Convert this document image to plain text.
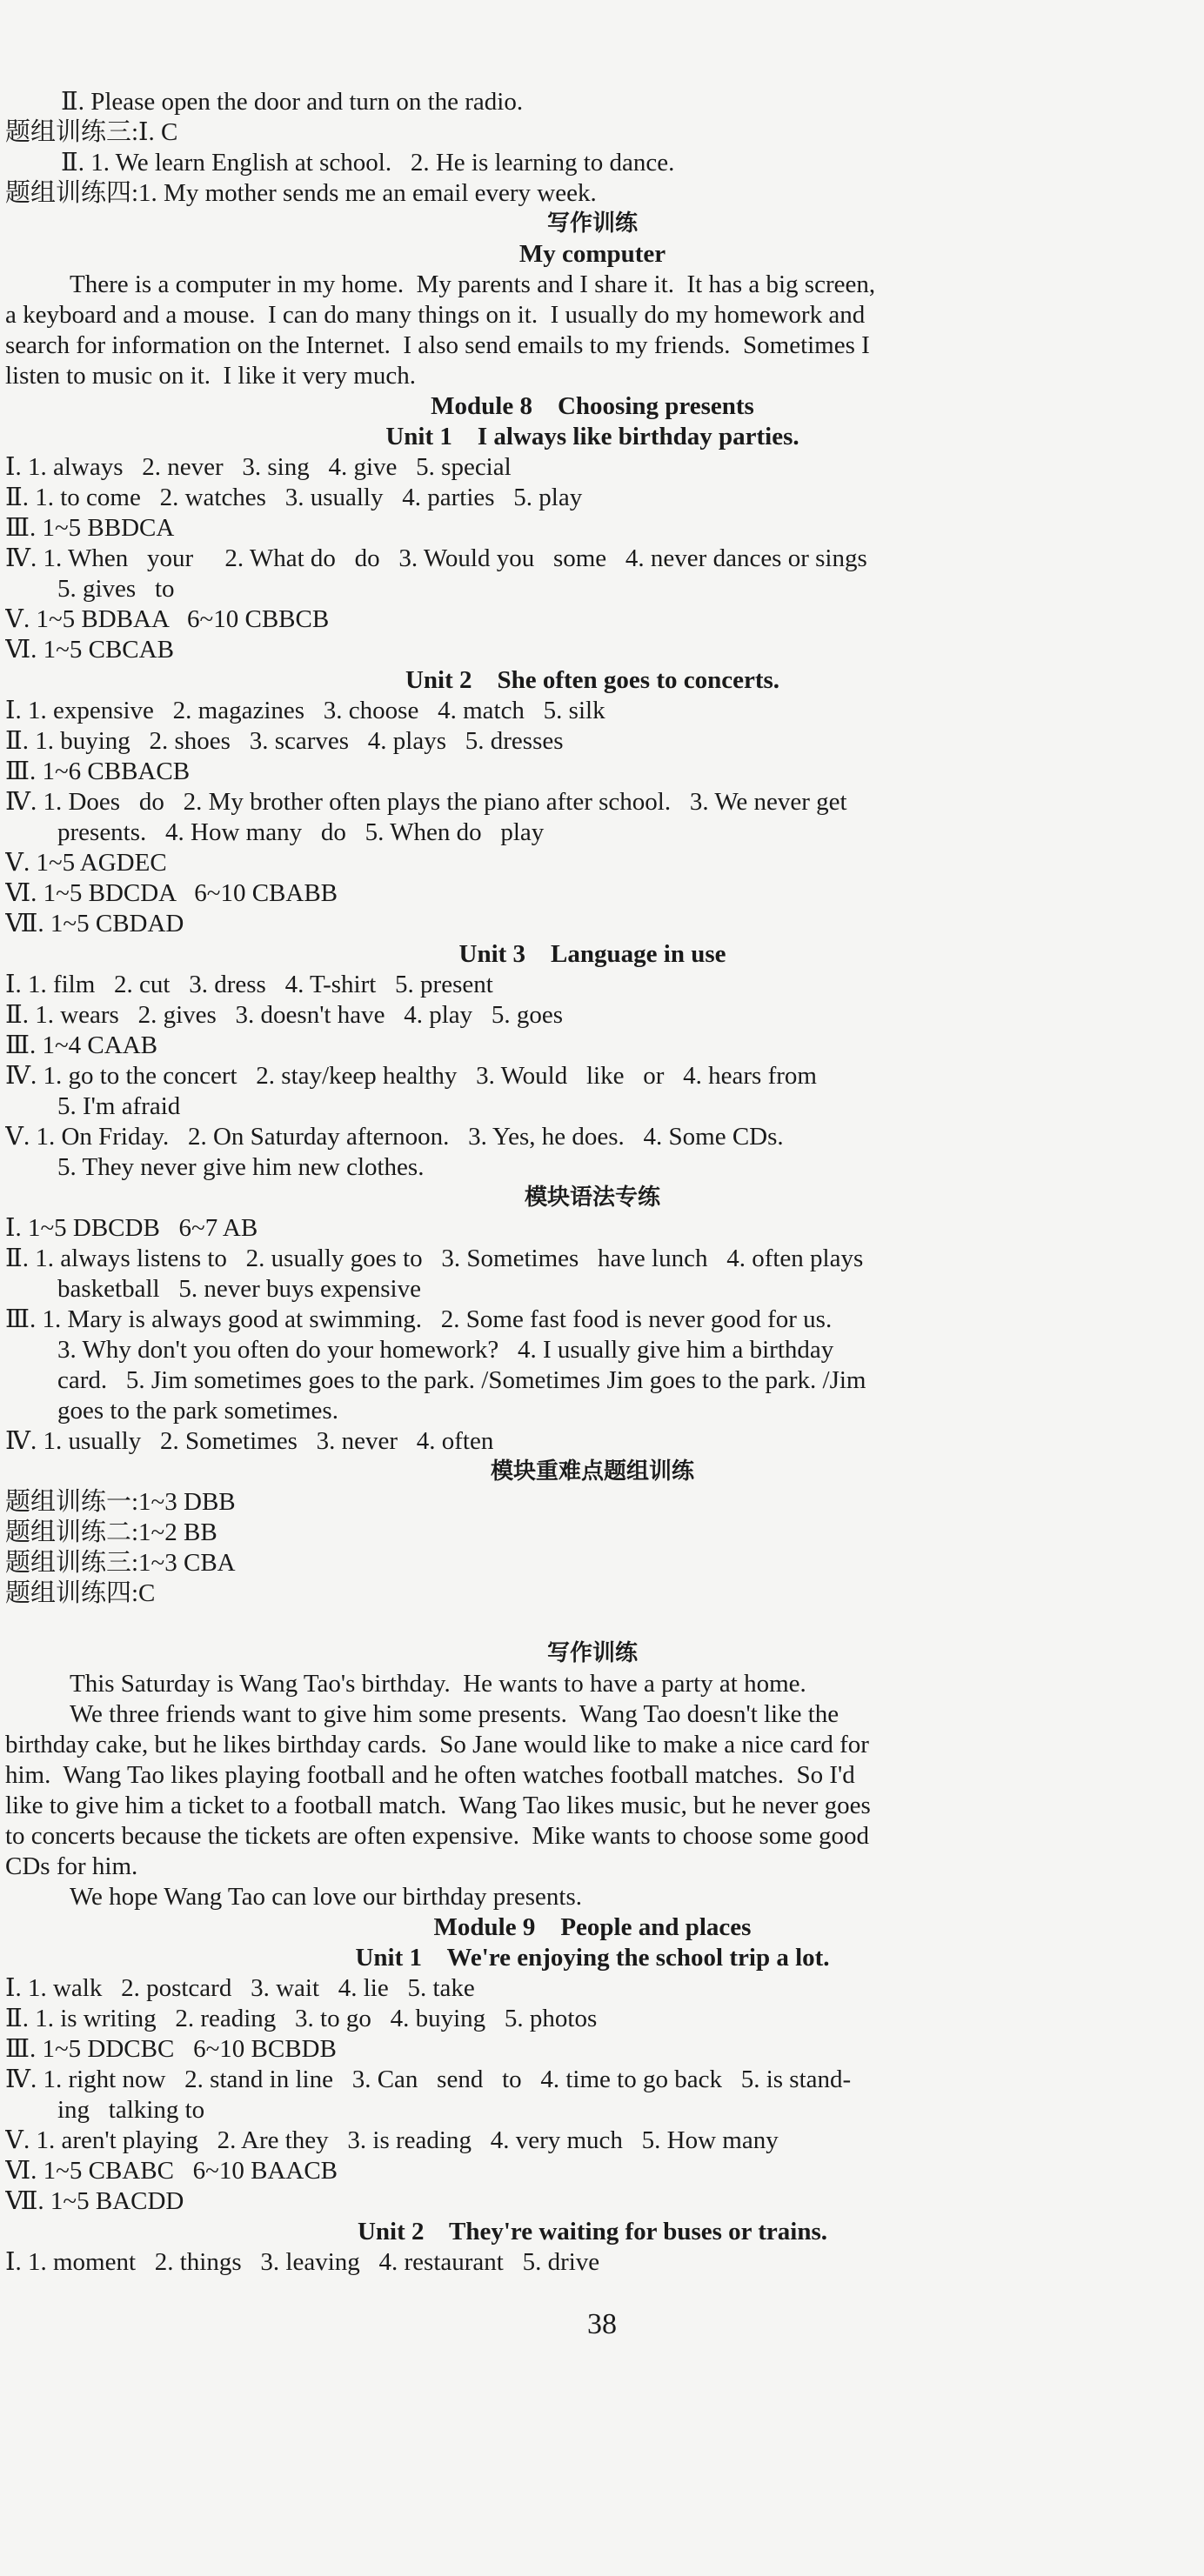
Ⅱ. Please open the door and turn on the radio.
题组训练三:Ⅰ. C
Ⅱ. 1. We learn English at school.   2. He is learning to dance.
题组训练四:1. My mother sends me an email every week.
写作训练
My computer
There is a computer in my home.  My parents and I share it.  It has a big screen,
a keyboard and a mouse.  I can do many things on it.  I usually do my homework and
search for information on the Internet.  I also send emails to my friends.  Sometimes I
listen to music on it.  I like it very much.
Module 8    Choosing presents
Unit 1    I always like birthday parties.
Ⅰ. 1. always   2. never   3. sing   4. give   5. special
Ⅱ. 1. to come   2. watches   3. usually   4. parties   5. play
Ⅲ. 1~5 BBDCA
Ⅳ. 1. When   your     2. What do   do   3. Would you   some   4. never dances or sings
5. gives   to
Ⅴ. 1~5 BDBAA   6~10 CBBCB
Ⅵ. 1~5 CBCAB
Unit 2    She often goes to concerts.
Ⅰ. 1. expensive   2. magazines   3. choose   4. match   5. silk
Ⅱ. 1. buying   2. shoes   3. scarves   4. plays   5. dresses
Ⅲ. 1~6 CBBACB
Ⅳ. 1. Does   do   2. My brother often plays the piano after school.   3. We never get
presents.   4. How many   do   5. When do   play
Ⅴ. 1~5 AGDEC
Ⅵ. 1~5 BDCDA   6~10 CBABB
Ⅶ. 1~5 CBDAD
Unit 3    Language in use
Ⅰ. 1. film   2. cut   3. dress   4. T-shirt   5. present
Ⅱ. 1. wears   2. gives   3. doesn't have   4. play   5. goes
Ⅲ. 1~4 CAAB
Ⅳ. 1. go to the concert   2. stay/keep healthy   3. Would   like   or   4. hears from
5. I'm afraid
Ⅴ. 1. On Friday.   2. On Saturday afternoon.   3. Yes, he does.   4. Some CDs.
5. They never give him new clothes.
模块语法专练
Ⅰ. 1~5 DBCDB   6~7 AB
Ⅱ. 1. always listens to   2. usually goes to   3. Sometimes   have lunch   4. often plays
basketball   5. never buys expensive
Ⅲ. 1. Mary is always good at swimming.   2. Some fast food is never good for us.
3. Why don't you often do your homework?   4. I usually give him a birthday
card.   5. Jim sometimes goes to the park. /Sometimes Jim goes to the park. /Jim
goes to the park sometimes.
Ⅳ. 1. usually   2. Sometimes   3. never   4. often
模块重难点题组训练
题组训练一:1~3 DBB
题组训练二:1~2 BB
题组训练三:1~3 CBA
题组训练四:C
写作训练
This Saturday is Wang Tao's birthday.  He wants to have a party at home.
We three friends want to give him some presents.  Wang Tao doesn't like the
birthday cake, but he likes birthday cards.  So Jane would like to make a nice card for
him.  Wang Tao likes playing football and he often watches football matches.  So I'd
like to give him a ticket to a football match.  Wang Tao likes music, but he never goes
to concerts because the tickets are often expensive.  Mike wants to choose some good
CDs for him.
We hope Wang Tao can love our birthday presents.
Module 9    People and places
Unit 1    We're enjoying the school trip a lot.
Ⅰ. 1. walk   2. postcard   3. wait   4. lie   5. take
Ⅱ. 1. is writing   2. reading   3. to go   4. buying   5. photos
Ⅲ. 1~5 DDCBC   6~10 BCBDB
Ⅳ. 1. right now   2. stand in line   3. Can   send   to   4. time to go back   5. is stand-
ing   talking to
Ⅴ. 1. aren't playing   2. Are they   3. is reading   4. very much   5. How many
Ⅵ. 1~5 CBABC   6~10 BAACB
Ⅶ. 1~5 BACDD
Unit 2    They're waiting for buses or trains.
Ⅰ. 1. moment   2. things   3. leaving   4. restaurant   5. drive
38
